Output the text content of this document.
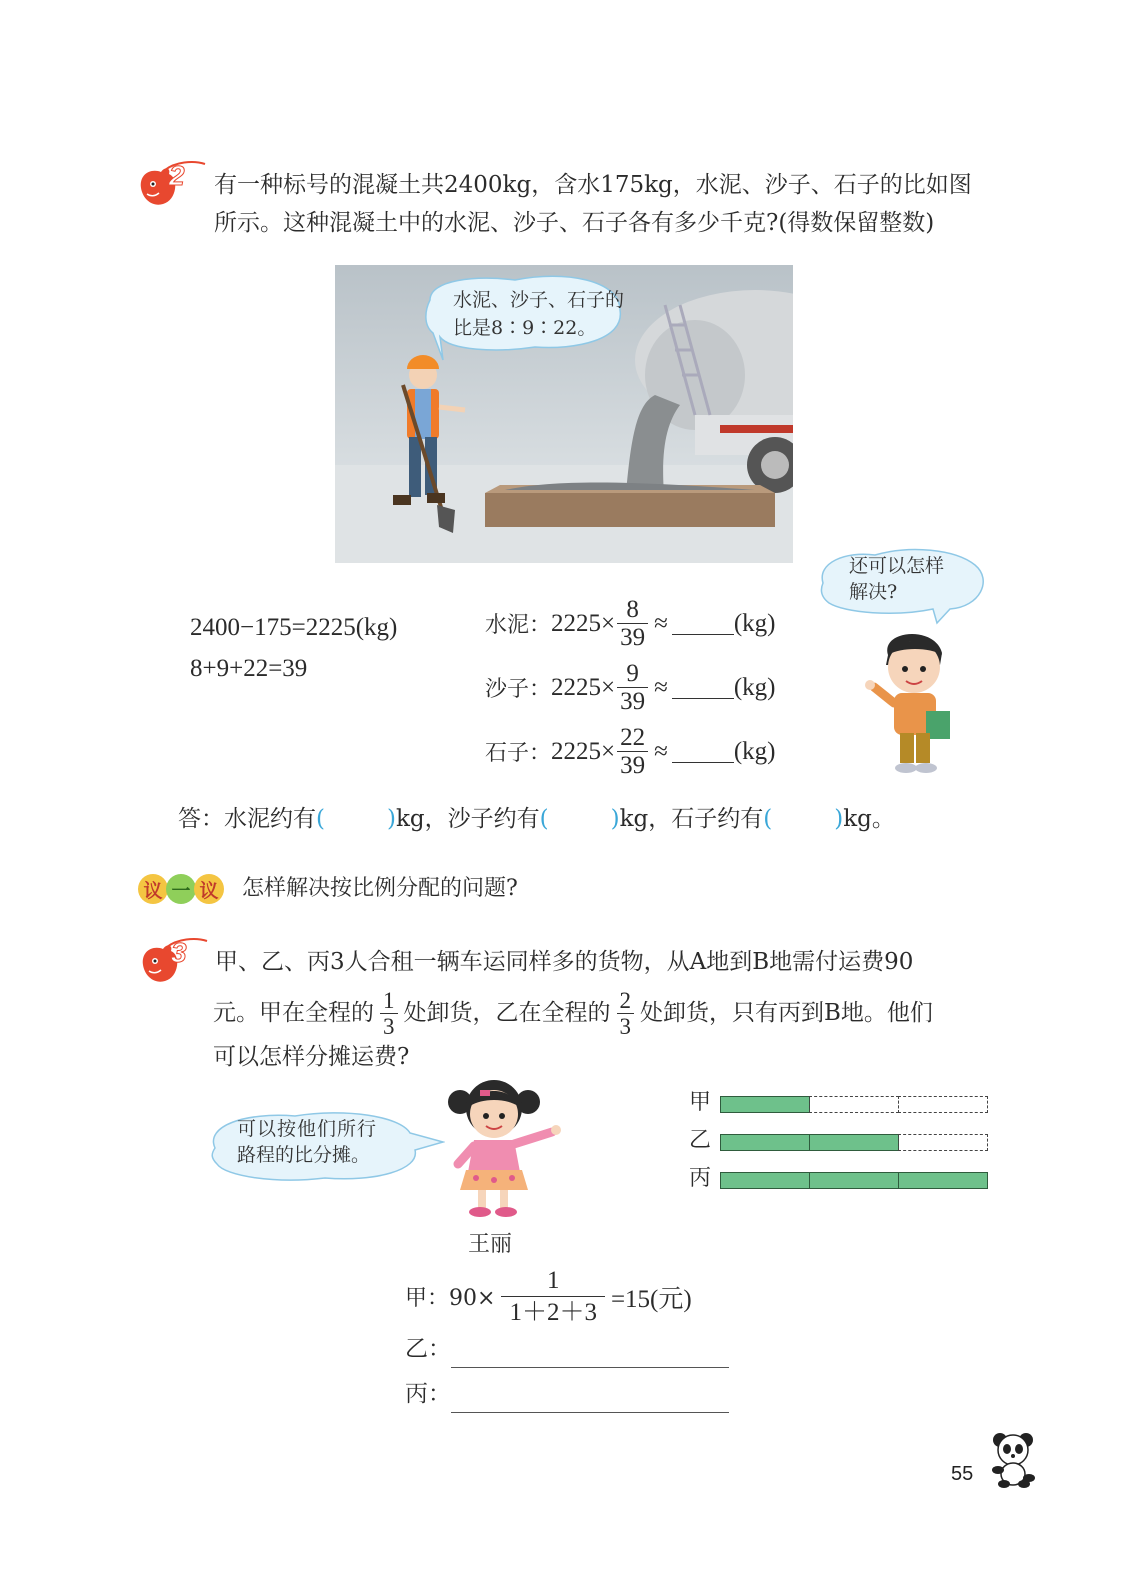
2 有一种标号的混凝土共2400kg，含水175kg，水泥、沙子、石子的比如图
所示。这种混凝土中的水泥、沙子、石子各有多少千克?(得数保留整数)
水泥、沙子、石子的
比是8∶9∶22。
还可以怎样
解决?
2400−175=2225(kg)
8+9+22=39
水泥： $2225\times \frac{8}{39}$ ≈	(kg)
沙子： $2225\times \frac{9}{39}$ ≈	(kg)
石子： $2225\times \frac{22}{39}$ ≈	(kg)
答：水泥约有(	)kg，沙子约有(	)kg，石子约有(	)kg。
议 一 议 怎样解决按比例分配的问题?
3 甲、乙、丙3人合租一辆车运同样多的货物，从A地到B地需付运费90
元。甲在全程的 $\frac{1}{3}$ 处卸货，乙在全程的 $\frac{2}{3}$ 处卸货，只有丙到B地。他们
可以怎样分摊运费?
可以按他们所行
路程的比分摊。
王丽
甲
乙
丙
甲：$90\times \frac{1}{1+2+3} =15$(元)
乙：
丙：
55
